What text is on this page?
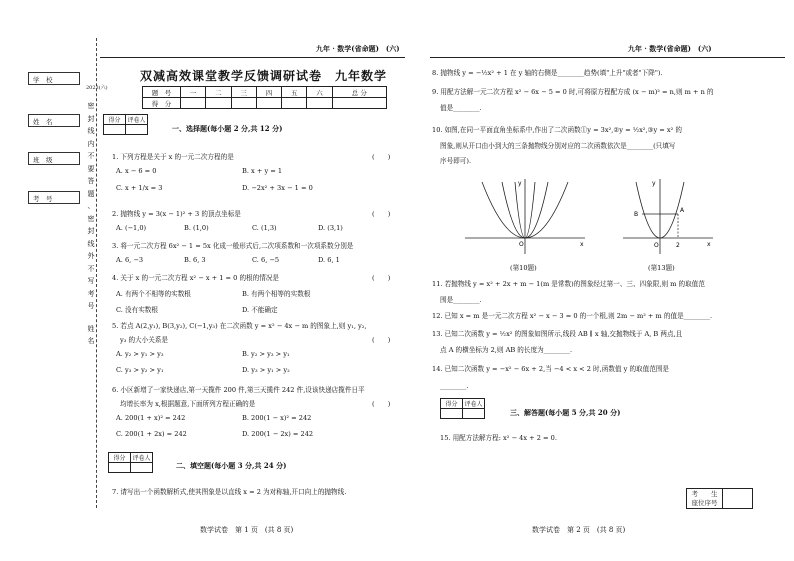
九年 · 数学(省命题)　(六)
学　校
姓　名
班　级
考　号
2023(六)
密
封
线
内
不
要
答
题
、
密
封
线
外
不
写
考
号
姓
名
双减高效课堂教学反馈调研试卷　九年数学
题　号	一	二	三	四	五	六	总 分
得　分							
得分	评卷人

一、选择题(每小题 2 分,共 12 分)
1. 下列方程是关于 x 的一元二次方程的是	(　　)
A. x − 6 = 0	B. x + y = 1
C. x + 1/x = 3	D. −2x² + 3x − 1 = 0
2. 抛物线 y = 3(x − 1)² + 3 的顶点坐标是	(　　)
A. (−1,0)	B. (1,0)	C. (1,3)	D. (3,1)
3. 将一元二次方程 6x² − 1 = 5x 化成一般形式后,二次项系数和一次项系数分别是
A. 6, −3	B. 6, 3	C. 6, −5	D. 6, 1
4. 关于 x 的一元二次方程 x² − x + 1 = 0 的根的情况是	(　　)
A. 有两个不相等的实数根	B. 有两个相等的实数根
C. 没有实数根	D. 不能确定
5. 若点 A(2,y₁), B(3,y₂), C(−1,y₃) 在二次函数 y = x² − 4x − m 的图象上,则 y₁, y₂,
y₃ 的大小关系是	(　　)
A. y₂ > y₁ > y₃	B. y₂ > y₃ > y₁
C. y₃ > y₂ > y₁	D. y₃ > y₁ > y₂
6. 小区新增了一家快递店,第一天揽件 200 件,第三天揽件 242 件,设该快递店揽件日平
均增长率为 x,根据题意,下面所列方程正确的是	(　　)
A. 200(1 + x)² = 242	B. 200(1 − x)² = 242
C. 200(1 + 2x) = 242	D. 200(1 − 2x) = 242
得分	评卷人

二、填空题(每小题 3 分,共 24 分)
7. 请写出一个函数解析式,使其图象是以直线 x = 2 为对称轴,开口向上的抛物线.
数学试卷　第 1 页　(共 8 页)
九年 · 数学(省命题)　(六)
8. 抛物线 y = −½x² + 1 在 y 轴的右侧是________趋势(填"上升"或者"下降").
9. 用配方法解一元二次方程 x² − 6x − 5 = 0 时,可将原方程配方成 (x − m)² = n,则 m + n 的
值是________.
10. 如图,在同一平面直角坐标系中,作出了二次函数①y = 3x²,②y = ½x²,③y = x² 的
图象,则从开口由小到大的三条抛物线分别对应的二次函数依次是________(只填写
序号即可).
x
y
O
(第10题)
B
A
2
O	x
y
(第13题)
11. 若抛物线 y = x² + 2x + m − 1(m 是常数)的图象经过第一、三、四象限,则 m 的取值范
围是________.
12. 已知 x = m 是一元二次方程 x² − x − 3 = 0 的一个根,则 2m − m² + m 的值是________.
13. 已知二次函数 y = ½x² 的图象如图所示,线段 AB ∥ x 轴,交抛物线于 A, B 两点,且
点 A 的横坐标为 2,则 AB 的长度为________.
14. 已知二次函数 y = −x² − 6x + 2,当 −4 < x < 2 时,函数值 y 的取值范围是
________.
得分	评卷人

三、解答题(每小题 5 分,共 20 分)
15. 用配方法解方程: x² − 4x + 2 = 0.
考　　生
座位序号

数学试卷　第 2 页　(共 8 页)
